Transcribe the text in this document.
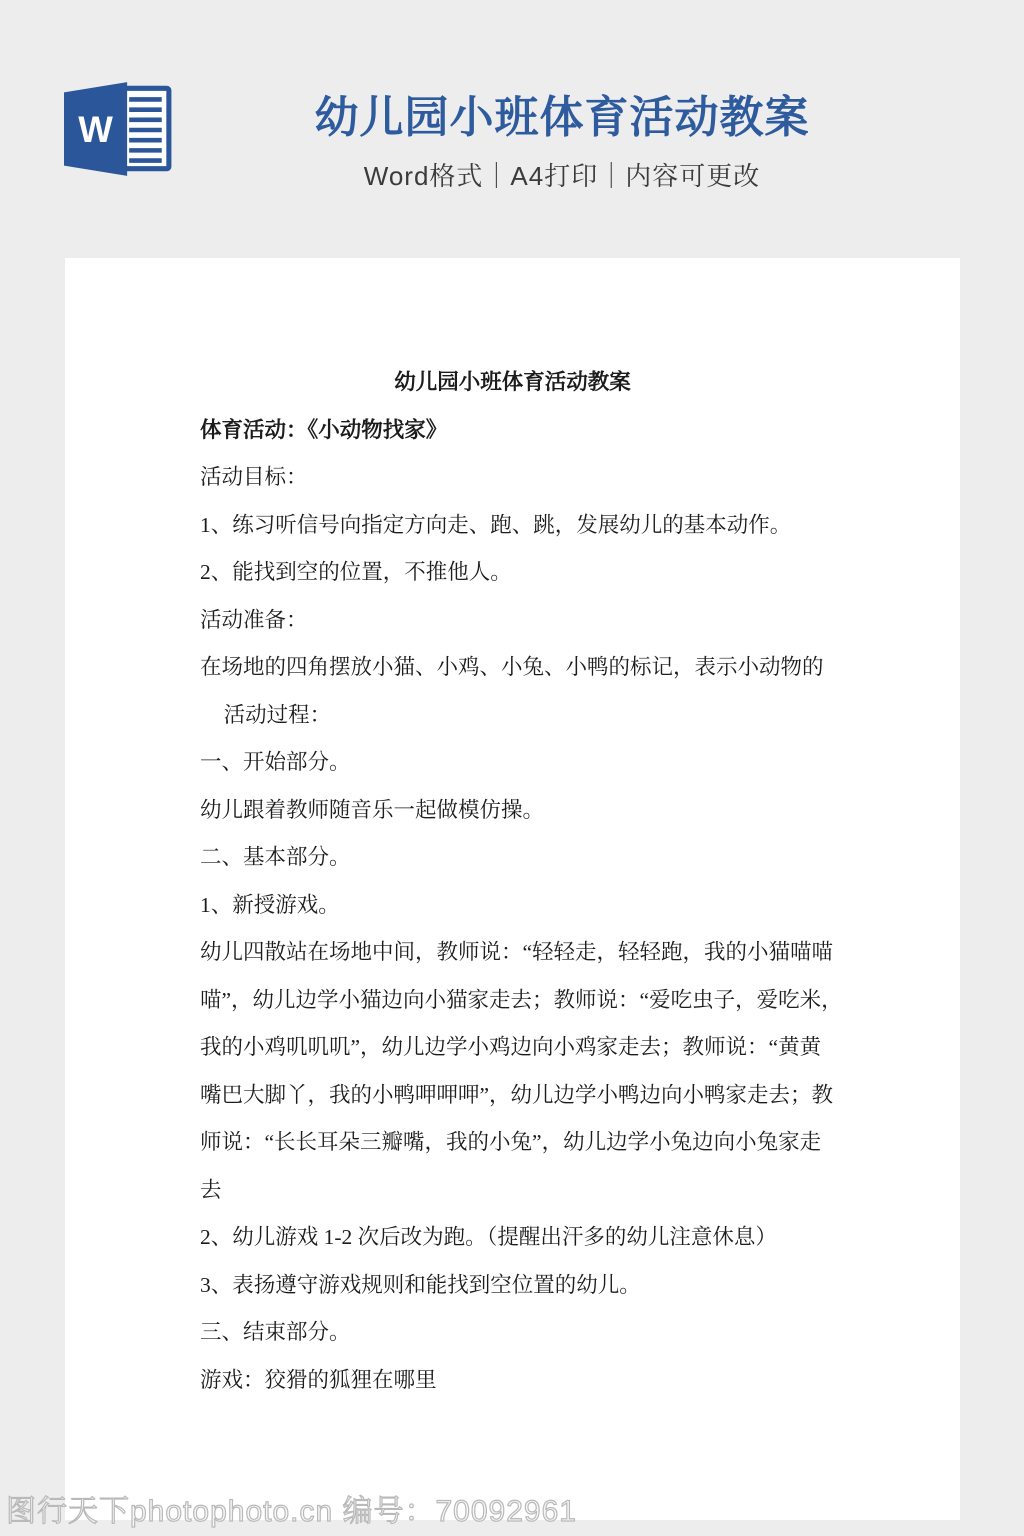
W	幼儿园小班体育活动教案
Word格式｜A4打印｜内容可更改
幼儿园小班体育活动教案
体育活动：《小动物找家》
活动目标：
1、练习听信号向指定方向走、跑、跳，发展幼儿的基本动作。
2、能找到空的位置，不推他人。
活动准备：
在场地的四角摆放小猫、小鸡、小兔、小鸭的标记，表示小动物的
活动过程：
一、开始部分。
幼儿跟着教师随音乐一起做模仿操。
二、基本部分。
1、新授游戏。
幼儿四散站在场地中间，教师说：“轻轻走，轻轻跑，我的小猫喵喵
喵”，幼儿边学小猫边向小猫家走去；教师说：“爱吃虫子，爱吃米，
我的小鸡叽叽叽”，幼儿边学小鸡边向小鸡家走去；教师说：“黄黄
嘴巴大脚丫，我的小鸭呷呷呷”，幼儿边学小鸭边向小鸭家走去；教
师说：“长长耳朵三瓣嘴，我的小兔”，幼儿边学小兔边向小兔家走
去
2、幼儿游戏 1-2 次后改为跑。（提醒出汗多的幼儿注意休息）
3、表扬遵守游戏规则和能找到空位置的幼儿。
三、结束部分。
游戏：狡猾的狐狸在哪里
图行天下photophoto.cn 编号：70092961
